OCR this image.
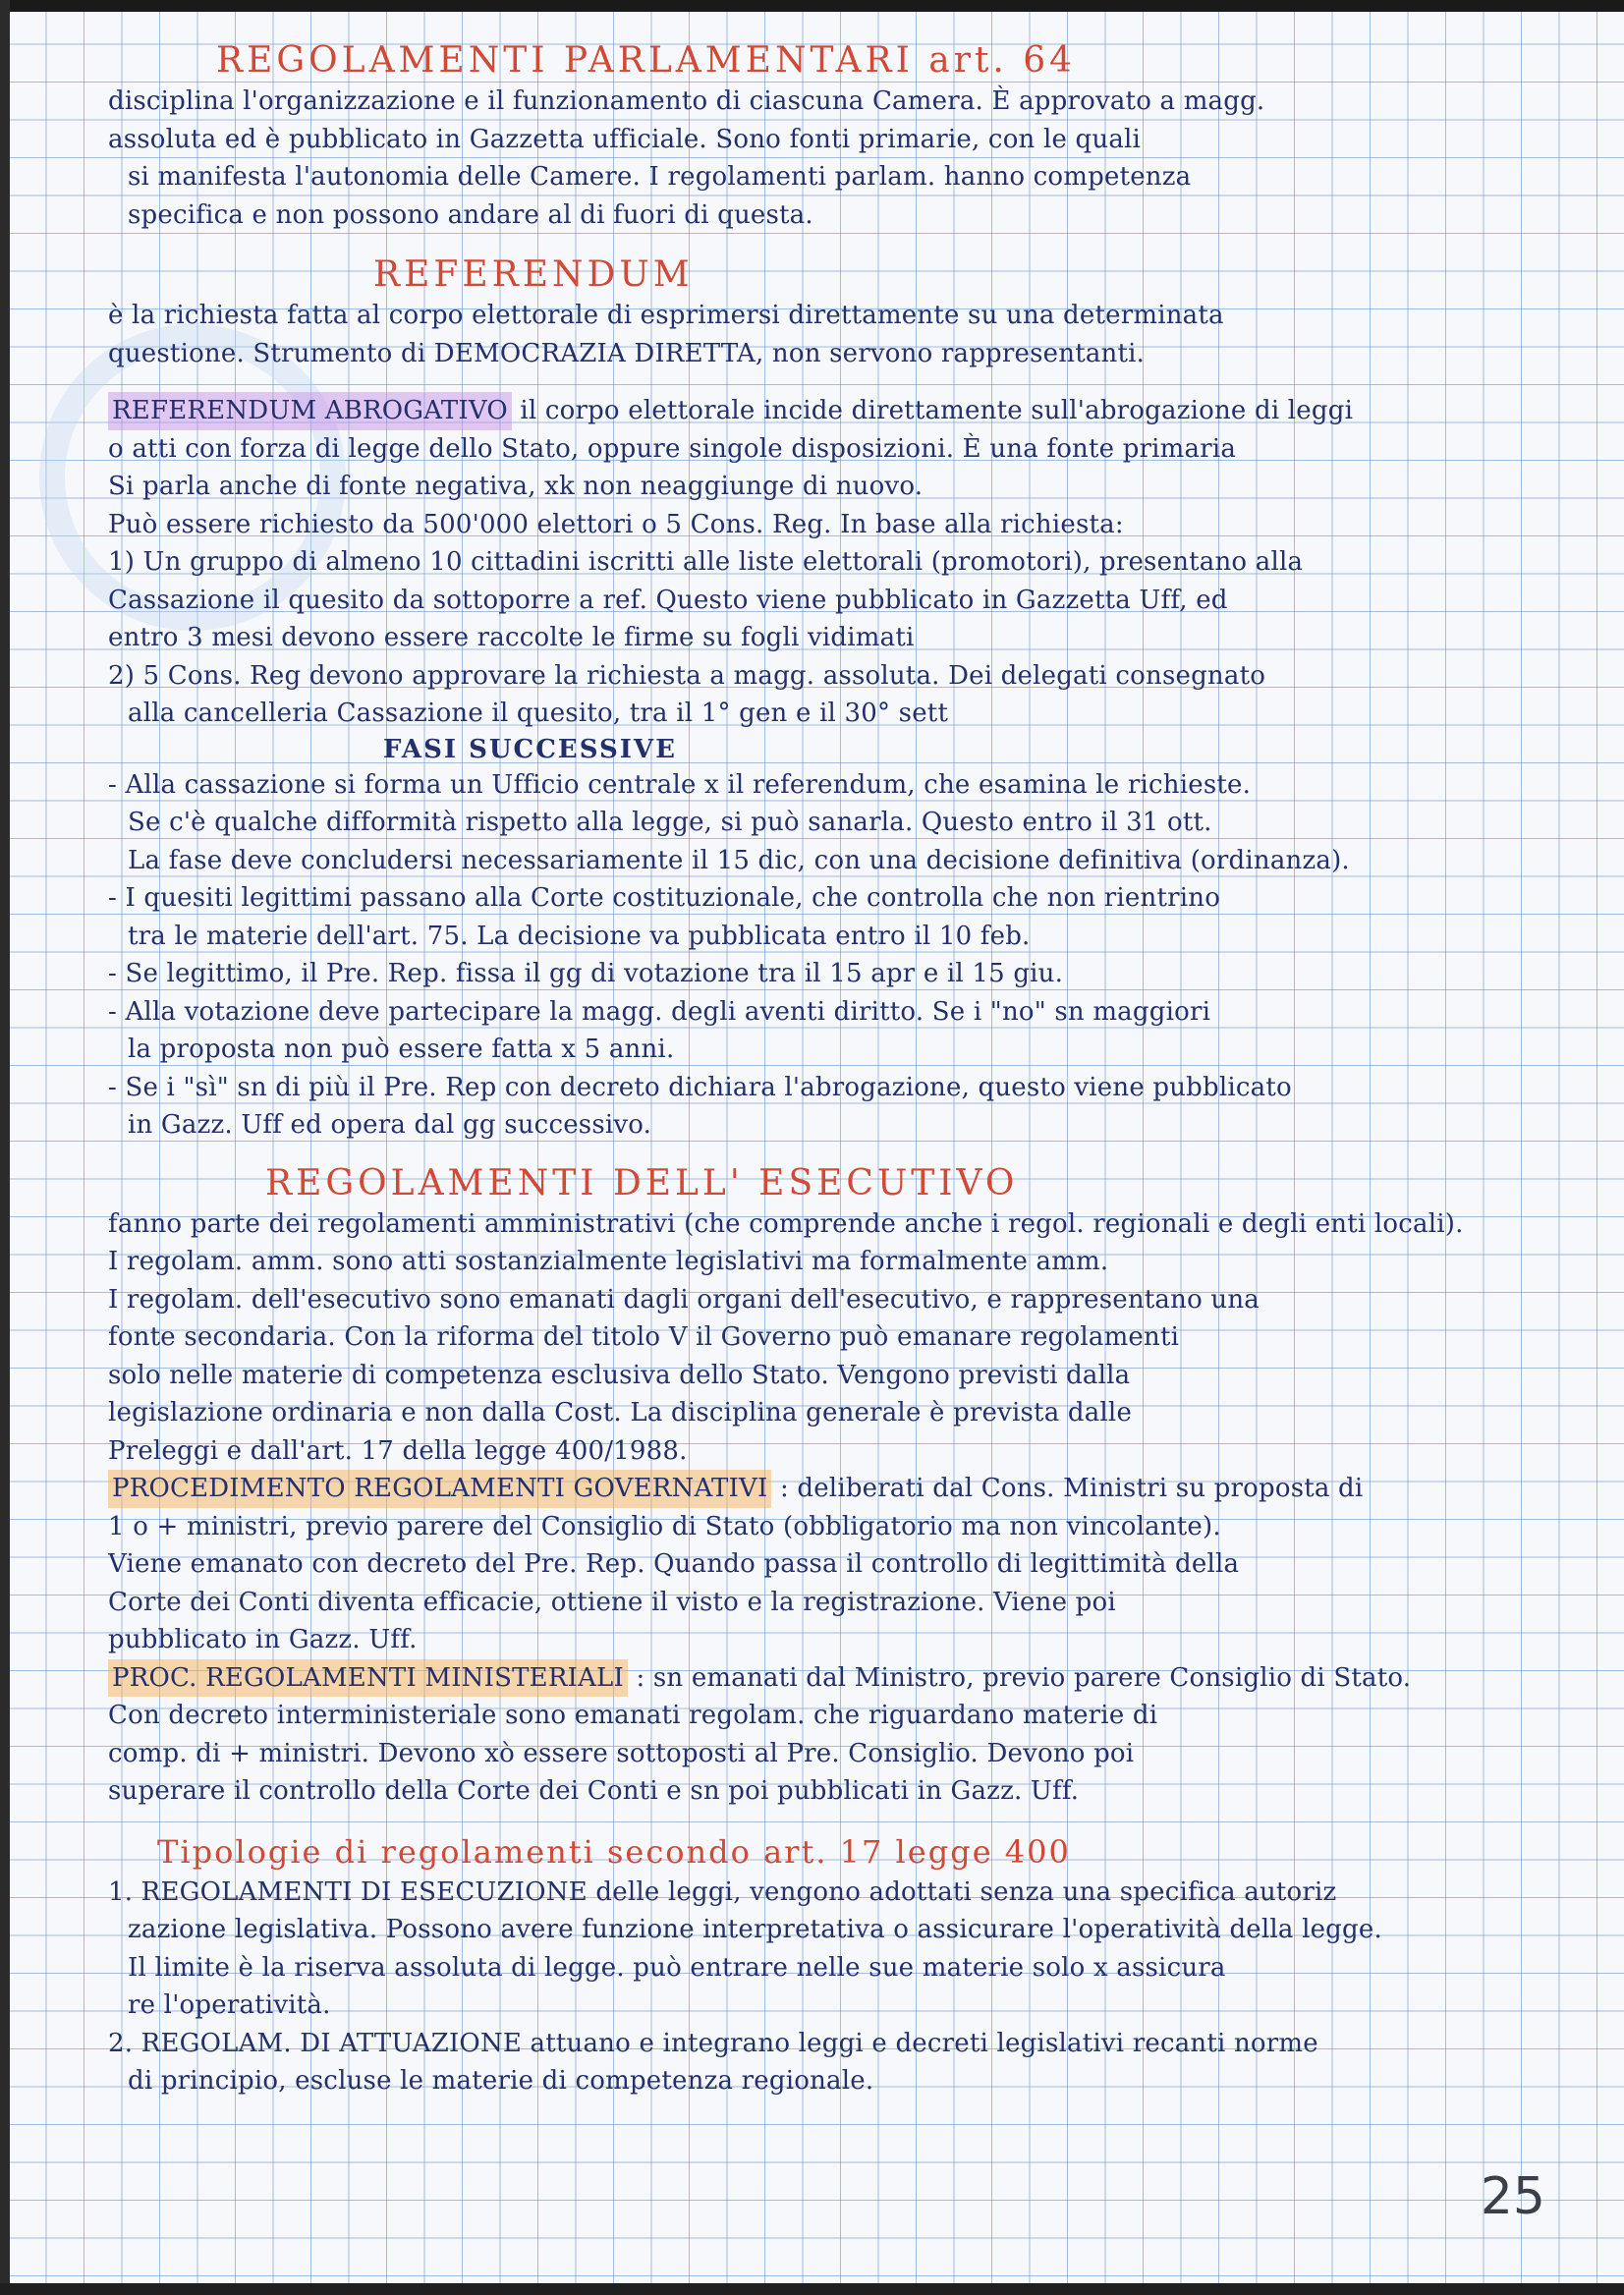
REGOLAMENTI PARLAMENTARI art. 64
disciplina l'organizzazione e il funzionamento di ciascuna Camera. È approvato a magg.
assoluta ed è pubblicato in Gazzetta ufficiale. Sono fonti primarie, con le quali
si manifesta l'autonomia delle Camere. I regolamenti parlam. hanno competenza
specifica e non possono andare al di fuori di questa.
REFERENDUM
è la richiesta fatta al corpo elettorale di esprimersi direttamente su una determinata
questione. Strumento di DEMOCRAZIA DIRETTA, non servono rappresentanti.
REFERENDUM ABROGATIVO il corpo elettorale incide direttamente sull'abrogazione di leggi
o atti con forza di legge dello Stato, oppure singole disposizioni. È una fonte primaria
Si parla anche di fonte negativa, xk non neaggiunge di nuovo.
Può essere richiesto da 500'000 elettori o 5 Cons. Reg. In base alla richiesta:
1) Un gruppo di almeno 10 cittadini iscritti alle liste elettorali (promotori), presentano alla
Cassazione il quesito da sottoporre a ref. Questo viene pubblicato in Gazzetta Uff, ed
entro 3 mesi devono essere raccolte le firme su fogli vidimati
2) 5 Cons. Reg devono approvare la richiesta a magg. assoluta. Dei delegati consegnato
alla cancelleria Cassazione il quesito, tra il 1° gen e il 30° sett
FASI SUCCESSIVE
- Alla cassazione si forma un Ufficio centrale x il referendum, che esamina le richieste.
Se c'è qualche difformità rispetto alla legge, si può sanarla. Questo entro il 31 ott.
La fase deve concludersi necessariamente il 15 dic, con una decisione definitiva (ordinanza).
- I quesiti legittimi passano alla Corte costituzionale, che controlla che non rientrino
tra le materie dell'art. 75. La decisione va pubblicata entro il 10 feb.
- Se legittimo, il Pre. Rep. fissa il gg di votazione tra il 15 apr e il 15 giu.
- Alla votazione deve partecipare la magg. degli aventi diritto. Se i "no" sn maggiori
la proposta non può essere fatta x 5 anni.
- Se i "sì" sn di più il Pre. Rep con decreto dichiara l'abrogazione, questo viene pubblicato
in Gazz. Uff ed opera dal gg successivo.
REGOLAMENTI DELL' ESECUTIVO
fanno parte dei regolamenti amministrativi (che comprende anche i regol. regionali e degli enti locali).
I regolam. amm. sono atti sostanzialmente legislativi ma formalmente amm.
I regolam. dell'esecutivo sono emanati dagli organi dell'esecutivo, e rappresentano una
fonte secondaria. Con la riforma del titolo V il Governo può emanare regolamenti
solo nelle materie di competenza esclusiva dello Stato. Vengono previsti dalla
legislazione ordinaria e non dalla Cost. La disciplina generale è prevista dalle
Preleggi e dall'art. 17 della legge 400/1988.
PROCEDIMENTO REGOLAMENTI GOVERNATIVI : deliberati dal Cons. Ministri su proposta di
1 o + ministri, previo parere del Consiglio di Stato (obbligatorio ma non vincolante).
Viene emanato con decreto del Pre. Rep. Quando passa il controllo di legittimità della
Corte dei Conti diventa efficacie, ottiene il visto e la registrazione. Viene poi
pubblicato in Gazz. Uff.
PROC. REGOLAMENTI MINISTERIALI : sn emanati dal Ministro, previo parere Consiglio di Stato.
Con decreto interministeriale sono emanati regolam. che riguardano materie di
comp. di + ministri. Devono xò essere sottoposti al Pre. Consiglio. Devono poi
superare il controllo della Corte dei Conti e sn poi pubblicati in Gazz. Uff.
Tipologie di regolamenti secondo art. 17 legge 400
1. REGOLAMENTI DI ESECUZIONE delle leggi, vengono adottati senza una specifica autoriz
zazione legislativa. Possono avere funzione interpretativa o assicurare l'operatività della legge.
Il limite è la riserva assoluta di legge. può entrare nelle sue materie solo x assicura
re l'operatività.
2. REGOLAM. DI ATTUAZIONE attuano e integrano leggi e decreti legislativi recanti norme
di principio, escluse le materie di competenza regionale.
25
